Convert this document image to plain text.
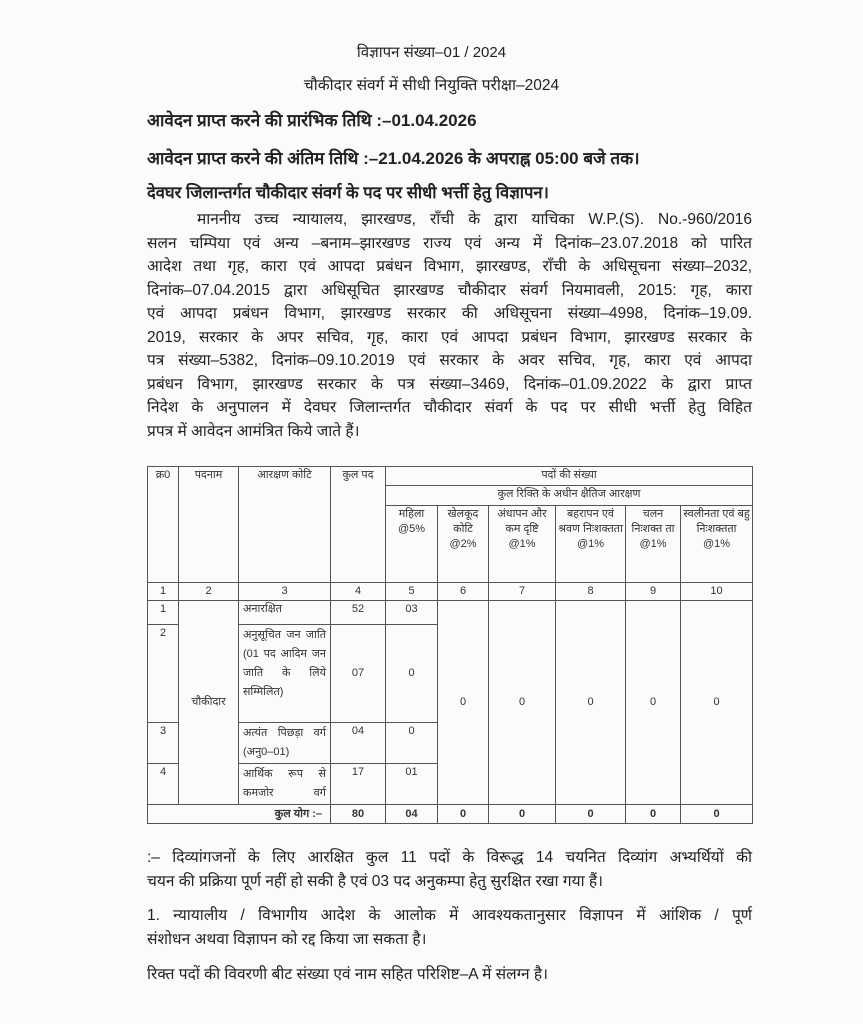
विज्ञापन संख्या–01 / 2024
चौकीदार संवर्ग में सीधी नियुक्ति परीक्षा–2024
आवेदन प्राप्त करने की प्रारंभिक तिथि :–01.04.2026
आवेदन प्राप्त करने की अंतिम तिथि :–21.04.2026 के अपराह्न 05:00 बजे तक।
देवघर जिलान्तर्गत चौकीदार संवर्ग के पद पर सीधी भर्त्ती हेतु विज्ञापन।
माननीय उच्च न्यायालय, झारखण्ड, राँची के द्वारा याचिका W.P.(S). No.-960/2016
सलन चम्पिया एवं अन्य –बनाम–झारखण्ड राज्य एवं अन्य में दिनांक–23.07.2018 को पारित
आदेश तथा गृह, कारा एवं आपदा प्रबंधन विभाग, झारखण्ड, राँची के अधिसूचना संख्या–2032,
दिनांक–07.04.2015 द्वारा अधिसूचित झारखण्ड चौकीदार संवर्ग नियमावली, 2015: गृह, कारा
एवं आपदा प्रबंधन विभाग, झारखण्ड सरकार की अधिसूचना संख्या–4998, दिनांक–19.09.
2019, सरकार के अपर सचिव, गृह, कारा एवं आपदा प्रबंधन विभाग, झारखण्ड सरकार के
पत्र संख्या–5382, दिनांक–09.10.2019 एवं सरकार के अवर सचिव, गृह, कारा एवं आपदा
प्रबंधन विभाग, झारखण्ड सरकार के पत्र संख्या–3469, दिनांक–01.09.2022 के द्वारा प्राप्त
निदेश के अनुपालन में देवघर जिलान्तर्गत चौकीदार संवर्ग के पद पर सीधी भर्त्ती हेतु विहित
प्रपत्र में आवेदन आमंत्रित किये जाते हैं।
क्र0	पदनाम	आरक्षण कोटि	कुल पद	पदों की संख्या					
				कुल रिक्ति के अधीन क्षैतिज आरक्षण					
				महिला @5%	खेलकूद कोटि @2%	अंधापन और कम दृष्टि @1%	बहरापन एवं श्रवण निःशक्तता @1%	चलन निःशक्त ता @1%	स्वलीनता एवं बहु निःशक्तता @1%
1	2	3	4	5	6	7	8	9	10
1	चौकीदार	अनारक्षित	52	03	0	0	0	0	0
2		अनुसूचित जन जाति (01 पद आदिम जन जाति के लिये सम्मिलित)	07	0					
3		अत्यंत पिछड़ा वर्ग (अनु0–01)	04	0					
4		आर्थिक रूप से कमजोर वर्ग	17	01					
कुल योग :–			80	04	0	0	0	0	0
:– दिव्यांगजनों के लिए आरक्षित कुल 11 पदों के विरूद्ध 14 चयनित दिव्यांग अभ्यर्थियों की
चयन की प्रक्रिया पूर्ण नहीं हो सकी है एवं 03 पद अनुकम्पा हेतु सुरक्षित रखा गया हैं।
1. न्यायालीय / विभागीय आदेश के आलोक में आवश्यकतानुसार विज्ञापन में आंशिक / पूर्ण
संशोधन अथवा विज्ञापन को रद्द किया जा सकता है।
रिक्त पदों की विवरणी बीट संख्या एवं नाम सहित परिशिष्ट–A में संलग्न है।
